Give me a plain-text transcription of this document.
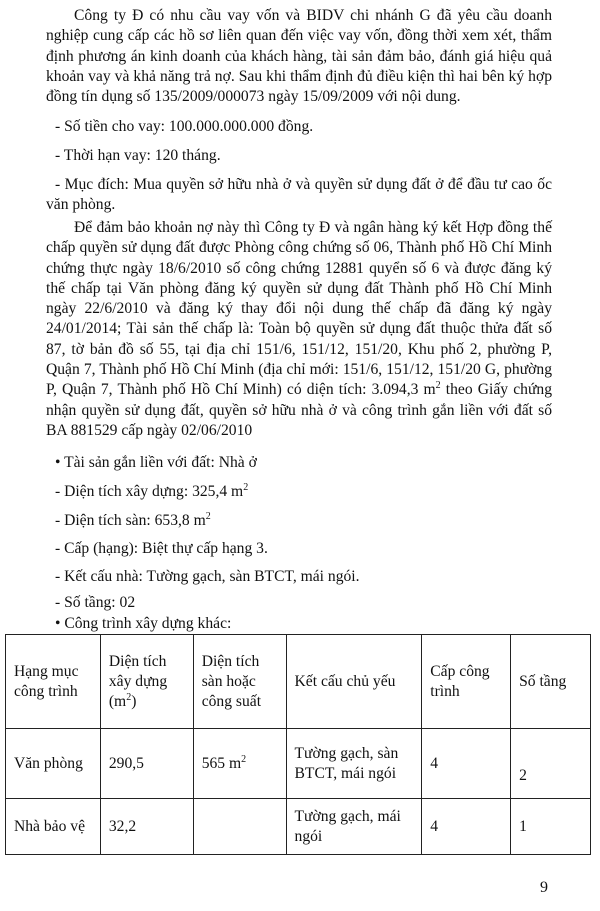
Công ty Đ có nhu cầu vay vốn và BIDV chi nhánh G đã yêu cầu doanh nghiệp cung cấp các hồ sơ liên quan đến việc vay vốn, đồng thời xem xét, thẩm định phương án kinh doanh của khách hàng, tài sản đảm bảo, đánh giá hiệu quả khoản vay và khả năng trả nợ. Sau khi thẩm định đủ điều kiện thì hai bên ký hợp đồng tín dụng số 135/2009/000073 ngày 15/09/2009 với nội dung.

- Số tiền cho vay: 100.000.000.000 đồng.
- Thời hạn vay: 120 tháng.

- Mục đích: Mua quyền sở hữu nhà ở và quyền sử dụng đất ở để đầu tư cao ốc văn phòng.

Để đảm bảo khoản nợ này thì Công ty Đ và ngân hàng ký kết Hợp đồng thế chấp quyền sử dụng đất được Phòng công chứng số 06, Thành phố Hồ Chí Minh chứng thực ngày 18/6/2010 số công chứng 12881 quyển số 6 và được đăng ký thế chấp tại Văn phòng đăng ký quyền sử dụng đất Thành phố Hồ Chí Minh ngày 22/6/2010 và đăng ký thay đổi nội dung thế chấp đã đăng ký ngày 24/01/2014; Tài sản thế chấp là: Toàn bộ quyền sử dụng đất thuộc thửa đất số 87, tờ bản đồ số 55, tại địa chỉ 151/6, 151/12, 151/20, Khu phố 2, phường P, Quận 7, Thành phố Hồ Chí Minh (địa chỉ mới: 151/6, 151/12, 151/20 G, phường P, Quận 7, Thành phố Hồ Chí Minh) có diện tích: 3.094,3 $m^2$ theo Giấy chứng nhận quyền sử dụng đất, quyền sở hữu nhà ở và công trình gắn liền với đất số BA 881529 cấp ngày 02/06/2010

• Tài sản gắn liền với đất: Nhà ở
- Diện tích xây dựng: 325,4 $m^2$
- Diện tích sàn: 653,8 $m^2$
- Cấp (hạng): Biệt thự cấp hạng 3.
- Kết cấu nhà: Tường gạch, sàn BTCT, mái ngói.
- Số tầng: 02
• Công trình xây dựng khác:
Hạng mục công trình	Diện tích xây dựng $(m^2)$	Diện tích sàn hoặc công suất	Kết cấu chủ yếu	Cấp công trình	Số tầng
Văn phòng	290,5	565 $m^2$	Tường gạch, sàn BTCT, mái ngói	4	2
Nhà bảo vệ	32,2		Tường gạch, mái ngói	4	1
9
